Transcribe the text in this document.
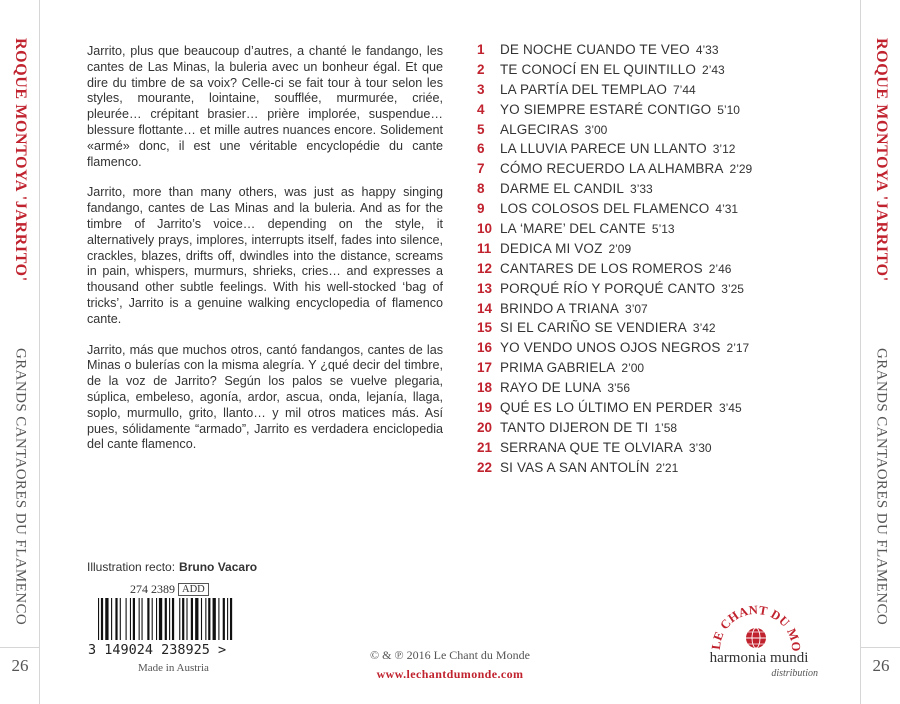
ROQUE MONTOYA 'JARRITO'
GRANDS CANTAORES DU FLAMENCO
26
ROQUE MONTOYA 'JARRITO'
GRANDS CANTAORES DU FLAMENCO
26

Jarrito, plus que beaucoup d’autres, a chanté le fandango, les cantes de Las Minas, la buleria avec un bonheur égal. Et que dire du timbre de sa voix? Celle-ci se fait tour à tour selon les styles, mourante, lointaine, soufflée, murmurée, criée, pleurée… crépitant brasier… prière implorée, suspendue… blessure flottante… et mille autres nuances encore. Solidement «armé» donc, il est une véritable encyclopédie du cante flamenco.

Jarrito, more than many others, was just as happy singing fandango, cantes de Las Minas and la buleria. And as for the timbre of Jarrito’s voice… depending on the style, it alternatively prays, implores, interrupts itself, fades into silence, crackles, blazes, drifts off, dwindles into the distance, screams in pain, whispers, murmurs, shrieks, cries… and expresses a thousand other subtle feelings. With his well-stocked ‘bag of tricks’, Jarrito is a genuine walking encyclopedia of flamenco cante.

Jarrito, más que muchos otros, cantó fandangos, cantes de las Minas o bulerías con la misma alegría. Y ¿qué decir del timbre, de la voz de Jarrito? Según los palos se vuelve plegaria, súplica, embeleso, agonía, ardor, ascua, onda, lejanía, llaga, soplo, murmullo, grito, llanto… y mil otros matices más. Así pues, sólidamente “armado”, Jarrito es verdadera enciclopedia del cante flamenco.

1	DE NOCHE CUANDO TE VEO 4’33
2	TE CONOCÍ EN EL QUINTILLO 2’43
3	LA PARTÍA DEL TEMPLAO 7’44
4	YO SIEMPRE ESTARÉ CONTIGO 5’10
5	ALGECIRAS 3’00
6	LA LLUVIA PARECE UN LLANTO 3’12
7	CÓMO RECUERDO LA ALHAMBRA 2’29
8	DARME EL CANDIL 3’33
9	LOS COLOSOS DEL FLAMENCO 4’31
10 LA ‘MARE’ DEL CANTE 5’13
11 DEDICA MI VOZ 2’09
12 CANTARES DE LOS ROMEROS 2’46
13 PORQUÉ RÍO Y PORQUÉ CANTO 3’25
14 BRINDO A TRIANA 3’07
15 SI EL CARIÑO SE VENDIERA 3’42
16 YO VENDO UNOS OJOS NEGROS 2’17
17 PRIMA GABRIELA 2’00
18 RAYO DE LUNA 3’56
19 QUÉ ES LO ÚLTIMO EN PERDER 3’45
20 TANTO DIJERON DE TI 1’58
21 SERRANA QUE TE OLVIARA 3’30
22 SI VAS A SAN ANTOLÍN 2’21
Illustration recto: Bruno Vacaro
274 2389 ADD
3 149024 238925 >
Made in Austria
© & ℗ 2016 Le Chant du Monde
www.lechantdumonde.com
LE CHANT DU MO
harmonia mundi
distribution
